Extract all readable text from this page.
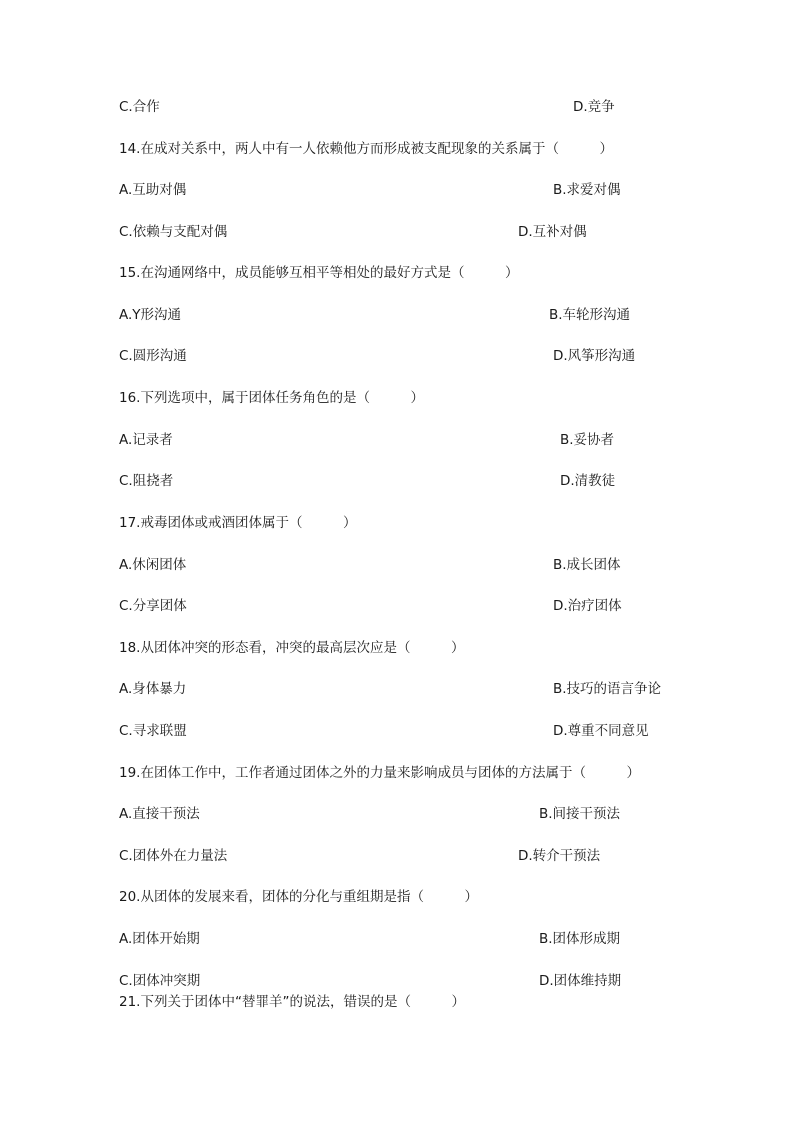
C.合作	D.竞争
14.在成对关系中，两人中有一人依赖他方而形成被支配现象的关系属于（　　　）
A.互助对偶	B.求爱对偶
C.依赖与支配对偶	D.互补对偶
15.在沟通网络中，成员能够互相平等相处的最好方式是（　　　）
A.Y形沟通	B.车轮形沟通
C.圆形沟通	D.风筝形沟通
16.下列选项中，属于团体任务角色的是（　　　）
A.记录者	B.妥协者
C.阻挠者	D.清教徒
17.戒毒团体或戒酒团体属于（　　　）
A.休闲团体	B.成长团体
C.分享团体	D.治疗团体
18.从团体冲突的形态看，冲突的最高层次应是（　　　）
A.身体暴力	B.技巧的语言争论
C.寻求联盟	D.尊重不同意见
19.在团体工作中，工作者通过团体之外的力量来影响成员与团体的方法属于（　　　）
A.直接干预法	B.间接干预法
C.团体外在力量法	D.转介干预法
20.从团体的发展来看，团体的分化与重组期是指（　　　）
A.团体开始期	B.团体形成期
C.团体冲突期	D.团体维持期
21.下列关于团体中“替罪羊”的说法，错误的是（　　　）
